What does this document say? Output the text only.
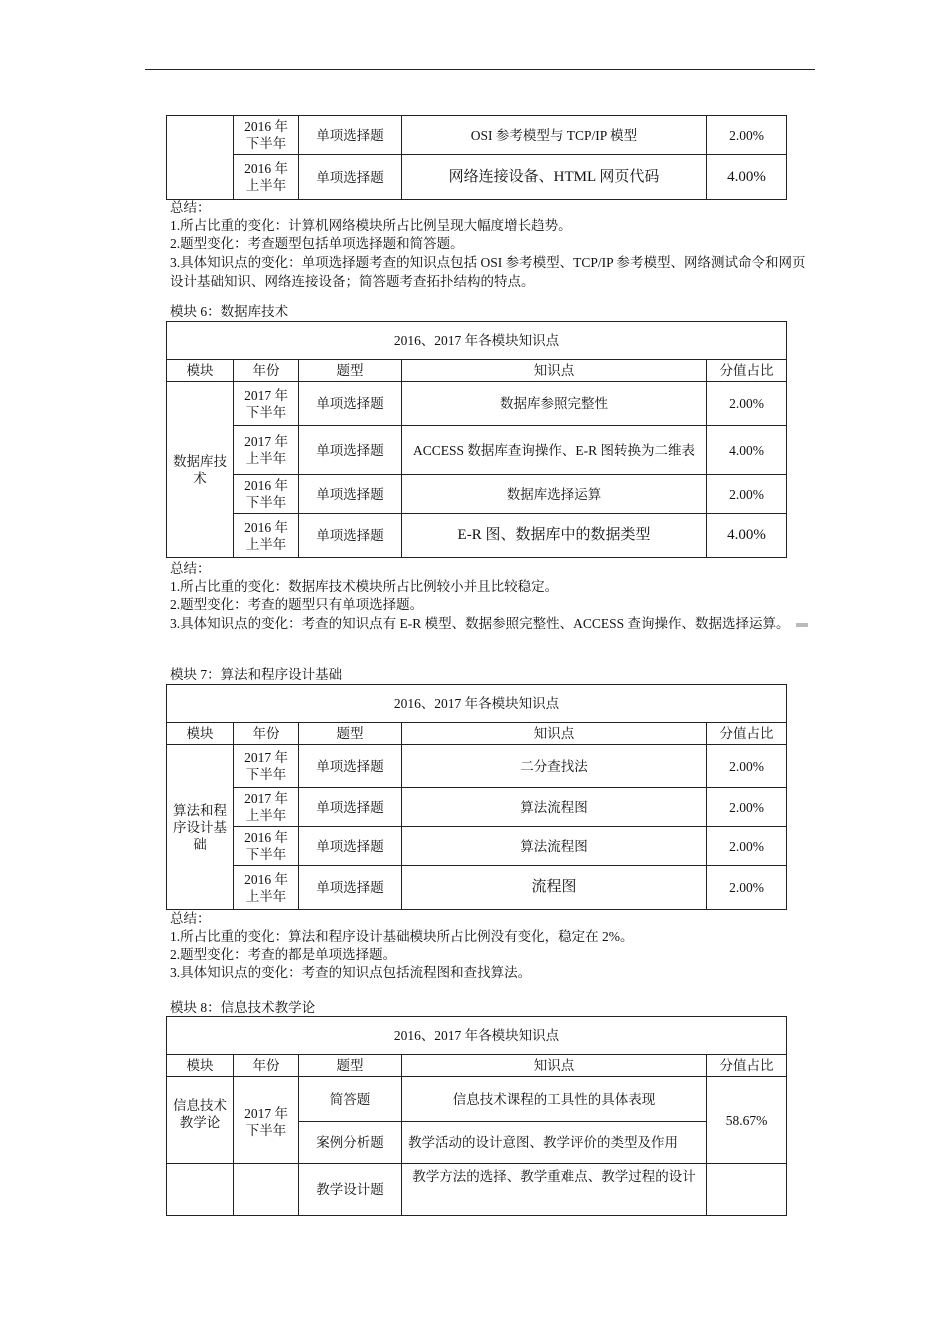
	2016 年下半年	单项选择题	OSI 参考模型与 TCP/IP 模型	2.00%
	2016 年上半年	单项选择题	网络连接设备、HTML 网页代码	4.00%
总结：
1.所占比重的变化：计算机网络模块所占比例呈现大幅度增长趋势。
2.题型变化：考查题型包括单项选择题和简答题。

3.具体知识点的变化：单项选择题考查的知识点包括 OSI 参考模型、TCP/IP 参考模型、网络测试命令和网页设计基础知识、网络连接设备；简答题考查拓扑结构的特点。

模块 6：数据库技术
2016、2017 年各模块知识点				
模块	年份	题型	知识点	分值占比
数据库技术	2017 年下半年	单项选择题	数据库参照完整性	2.00%
	2017 年上半年	单项选择题	ACCESS 数据库查询操作、E-R 图转换为二维表	4.00%
	2016 年下半年	单项选择题	数据库选择运算	2.00%
	2016 年上半年	单项选择题	E-R 图、数据库中的数据类型	4.00%
总结：
1.所占比重的变化：数据库技术模块所占比例较小并且比较稳定。
2.题型变化：考查的题型只有单项选择题。

3.具体知识点的变化：考查的知识点有 E-R 模型、数据参照完整性、ACCESS 查询操作、数据选择运算。

模块 7：算法和程序设计基础
2016、2017 年各模块知识点				
模块	年份	题型	知识点	分值占比
算法和程序设计基础	2017 年下半年	单项选择题	二分查找法	2.00%
	2017 年上半年	单项选择题	算法流程图	2.00%
	2016 年下半年	单项选择题	算法流程图	2.00%
	2016 年上半年	单项选择题	流程图	2.00%
总结：
1.所占比重的变化：算法和程序设计基础模块所占比例没有变化，稳定在 2%。
2.题型变化：考查的都是单项选择题。
3.具体知识点的变化：考查的知识点包括流程图和查找算法。
模块 8：信息技术教学论
2016、2017 年各模块知识点				
模块	年份	题型	知识点	分值占比
信息技术教学论	2017 年下半年	简答题	信息技术课程的工具性的具体表现	58.67%
		案例分析题	教学活动的设计意图、教学评价的类型及作用	
		教学设计题	教学方法的选择、教学重难点、教学过程的设计	
